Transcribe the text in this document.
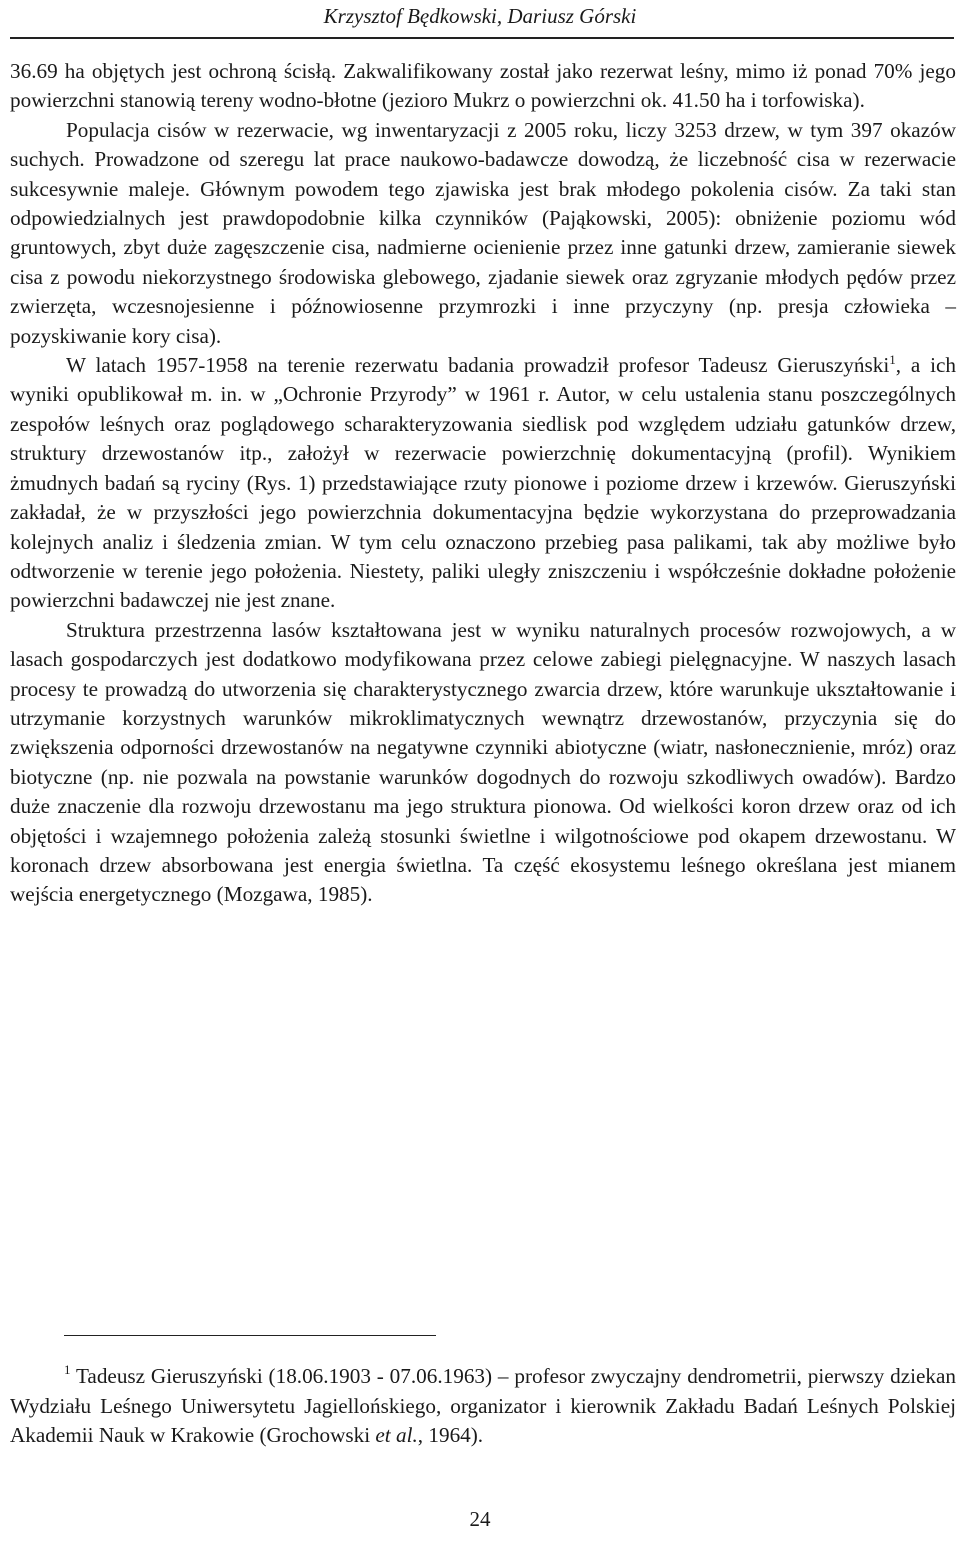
Krzysztof Będkowski, Dariusz Górski

36.69 ha objętych jest ochroną ścisłą. Zakwalifikowany został jako rezerwat leśny, mimo iż ponad 70% jego powierzchni stanowią tereny wodno-błotne (jezioro Mukrz o powierzchni ok. 41.50 ha i torfowiska).

Populacja cisów w rezerwacie, wg inwentaryzacji z 2005 roku, liczy 3253 drzew, w tym 397 okazów suchych. Prowadzone od szeregu lat prace naukowo-badawcze dowodzą, że liczebność cisa w rezerwacie sukcesywnie maleje. Głównym powodem tego zjawiska jest brak młodego pokolenia cisów. Za taki stan odpowiedzialnych jest prawdopodobnie kilka czynników (Pająkowski, 2005): obniżenie poziomu wód gruntowych, zbyt duże zagęszczenie cisa, nadmierne ocienienie przez inne gatunki drzew, zamieranie siewek cisa z powodu niekorzystnego środowiska glebowego, zjadanie siewek oraz zgryzanie młodych pędów przez zwierzęta, wczesnojesienne i późnowiosenne przymrozki i inne przyczyny (np. presja człowieka – pozyskiwanie kory cisa).

W latach 1957-1958 na terenie rezerwatu badania prowadził profesor Tadeusz Gieruszyński$^1$, a ich wyniki opublikował m. in. w „Ochronie Przyrody” w 1961 r. Autor, w celu ustalenia stanu poszczególnych zespołów leśnych oraz poglądowego scharakteryzowania siedlisk pod względem udziału gatunków drzew, struktury drzewostanów itp., założył w rezerwacie powierzchnię dokumentacyjną (profil). Wynikiem żmudnych badań są ryciny (Rys. 1) przedstawiające rzuty pionowe i poziome drzew i krzewów. Gieruszyński zakładał, że w przyszłości jego powierzchnia dokumentacyjna będzie wykorzystana do przeprowadzania kolejnych analiz i śledzenia zmian. W tym celu oznaczono przebieg pasa palikami, tak aby możliwe było odtworzenie w terenie jego położenia. Niestety, paliki uległy zniszczeniu i współcześnie dokładne położenie powierzchni badawczej nie jest znane.

Struktura przestrzenna lasów kształtowana jest w wyniku naturalnych procesów rozwojowych, a w lasach gospodarczych jest dodatkowo modyfikowana przez celowe zabiegi pielęgnacyjne. W naszych lasach procesy te prowadzą do utworzenia się charakterystycznego zwarcia drzew, które warunkuje ukształtowanie i utrzymanie korzystnych warunków mikroklimatycznych wewnątrz drzewostanów, przyczynia się do zwiększenia odporności drzewostanów na negatywne czynniki abiotyczne (wiatr, nasłonecznienie, mróz) oraz biotyczne (np. nie pozwala na powstanie warunków dogodnych do rozwoju szkodliwych owadów). Bardzo duże znaczenie dla rozwoju drzewostanu ma jego struktura pionowa. Od wielkości koron drzew oraz od ich objętości i wzajemnego położenia zależą stosunki świetlne i wilgotnościowe pod okapem drzewostanu. W koronach drzew absorbowana jest energia świetlna. Ta część ekosystemu leśnego określana jest mianem wejścia energetycznego (Mozgawa, 1985).

$^1$ Tadeusz Gieruszyński (18.06.1903 - 07.06.1963) – profesor zwyczajny dendrometrii, pierwszy dziekan Wydziału Leśnego Uniwersytetu Jagiellońskiego, organizator i kierownik Zakładu Badań Leśnych Polskiej Akademii Nauk w Krakowie (Grochowski et al., 1964).

24
